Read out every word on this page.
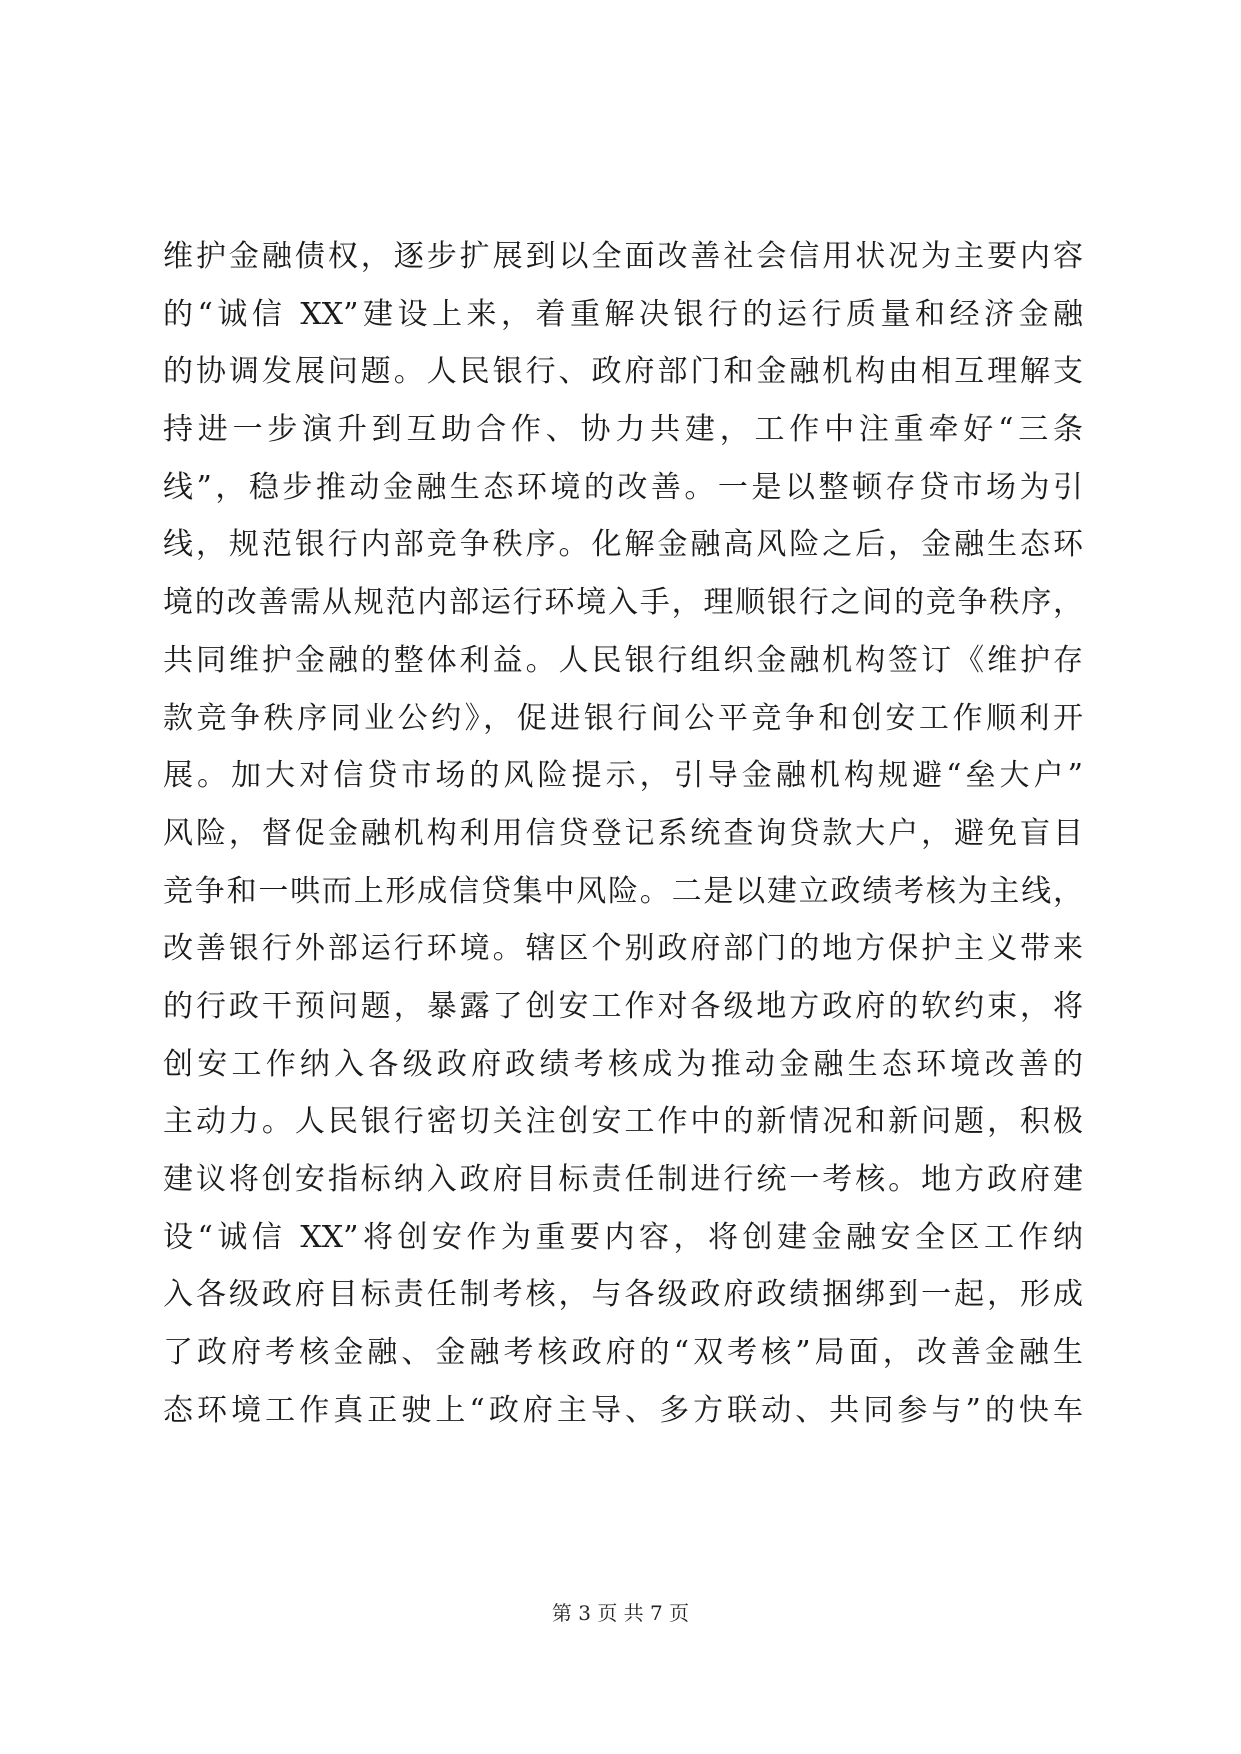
维护金融债权，逐步扩展到以全面改善社会信用状况为主要内容
的“诚信 XX”建设上来，着重解决银行的运行质量和经济金融
的协调发展问题。人民银行、政府部门和金融机构由相互理解支
持进一步演升到互助合作、协力共建，工作中注重牵好“三条
线”，稳步推动金融生态环境的改善。一是以整顿存贷市场为引
线，规范银行内部竞争秩序。化解金融高风险之后，金融生态环
境的改善需从规范内部运行环境入手，理顺银行之间的竞争秩序，
共同维护金融的整体利益。人民银行组织金融机构签订《维护存
款竞争秩序同业公约》，促进银行间公平竞争和创安工作顺利开
展。加大对信贷市场的风险提示，引导金融机构规避“垒大户”
风险，督促金融机构利用信贷登记系统查询贷款大户，避免盲目
竞争和一哄而上形成信贷集中风险。二是以建立政绩考核为主线，
改善银行外部运行环境。辖区个别政府部门的地方保护主义带来
的行政干预问题，暴露了创安工作对各级地方政府的软约束，将
创安工作纳入各级政府政绩考核成为推动金融生态环境改善的
主动力。人民银行密切关注创安工作中的新情况和新问题，积极
建议将创安指标纳入政府目标责任制进行统一考核。地方政府建
设“诚信 XX”将创安作为重要内容，将创建金融安全区工作纳
入各级政府目标责任制考核，与各级政府政绩捆绑到一起，形成
了政府考核金融、金融考核政府的“双考核”局面，改善金融生
态环境工作真正驶上“政府主导、多方联动、共同参与”的快车
第 3 页 共 7 页
